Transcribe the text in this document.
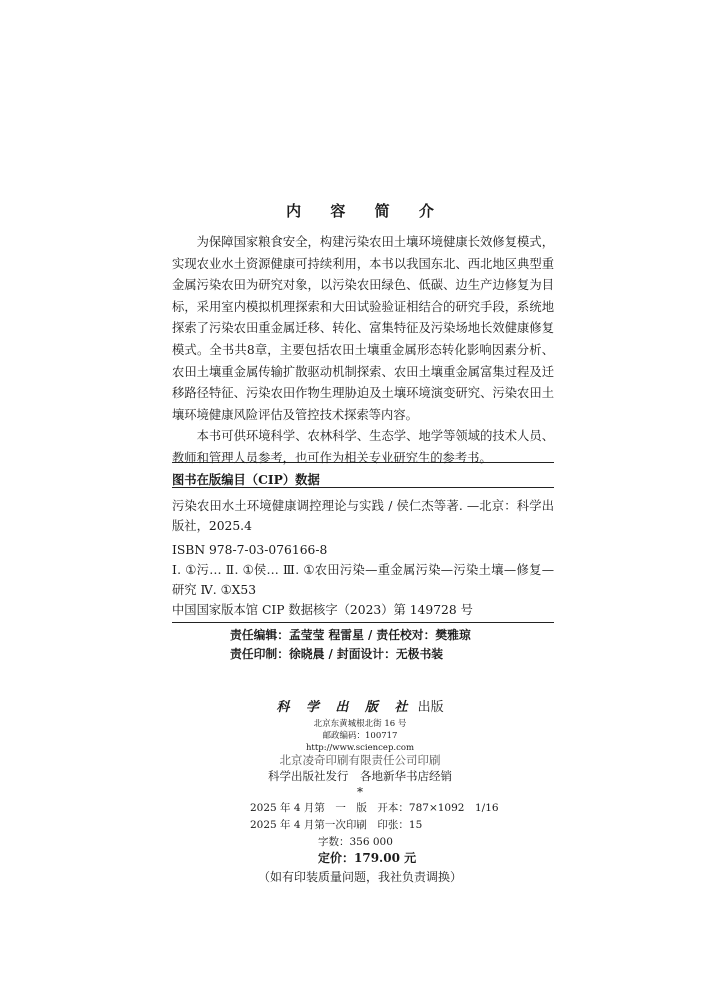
内 容 简 介

为保障国家粮食安全，构建污染农田土壤环境健康长效修复模式，实现农业水土资源健康可持续利用，本书以我国东北、西北地区典型重金属污染农田为研究对象，以污染农田绿色、低碳、边生产边修复为目标，采用室内模拟机理探索和大田试验验证相结合的研究手段，系统地探索了污染农田重金属迁移、转化、富集特征及污染场地长效健康修复模式。全书共8章，主要包括农田土壤重金属形态转化影响因素分析、农田土壤重金属传输扩散驱动机制探索、农田土壤重金属富集过程及迁移路径特征、污染农田作物生理胁迫及土壤环境演变研究、污染农田土壤环境健康风险评估及管控技术探索等内容。

本书可供环境科学、农林科学、生态学、地学等领域的技术人员、教师和管理人员参考，也可作为相关专业研究生的参考书。

图书在版编目（CIP）数据
污染农田水土环境健康调控理论与实践 / 侯仁杰等著. —北京：科学出版社，2025.4
ISBN 978-7-03-076166-8
Ⅰ. ①污… Ⅱ. ①侯… Ⅲ. ①农田污染—重金属污染—污染土壤—修复—研究 Ⅳ. ①X53
中国国家版本馆 CIP 数据核字（2023）第 149728 号
责任编辑：孟莹莹 程雷星 / 责任校对：樊雅琼
责任印制：徐晓晨 / 封面设计：无极书装
科 学 出 版 社 出版
北京东黄城根北街 16 号
邮政编码：100717
http://www.sciencep.com
北京凌奇印刷有限责任公司印刷
科学出版社发行　各地新华书店经销
*
2025 年 4 月第　一　版　开本：787×1092　1/16
2025 年 4 月第一次印刷　印张：15
字数：356 000
定价：179.00 元
（如有印装质量问题，我社负责调换）
